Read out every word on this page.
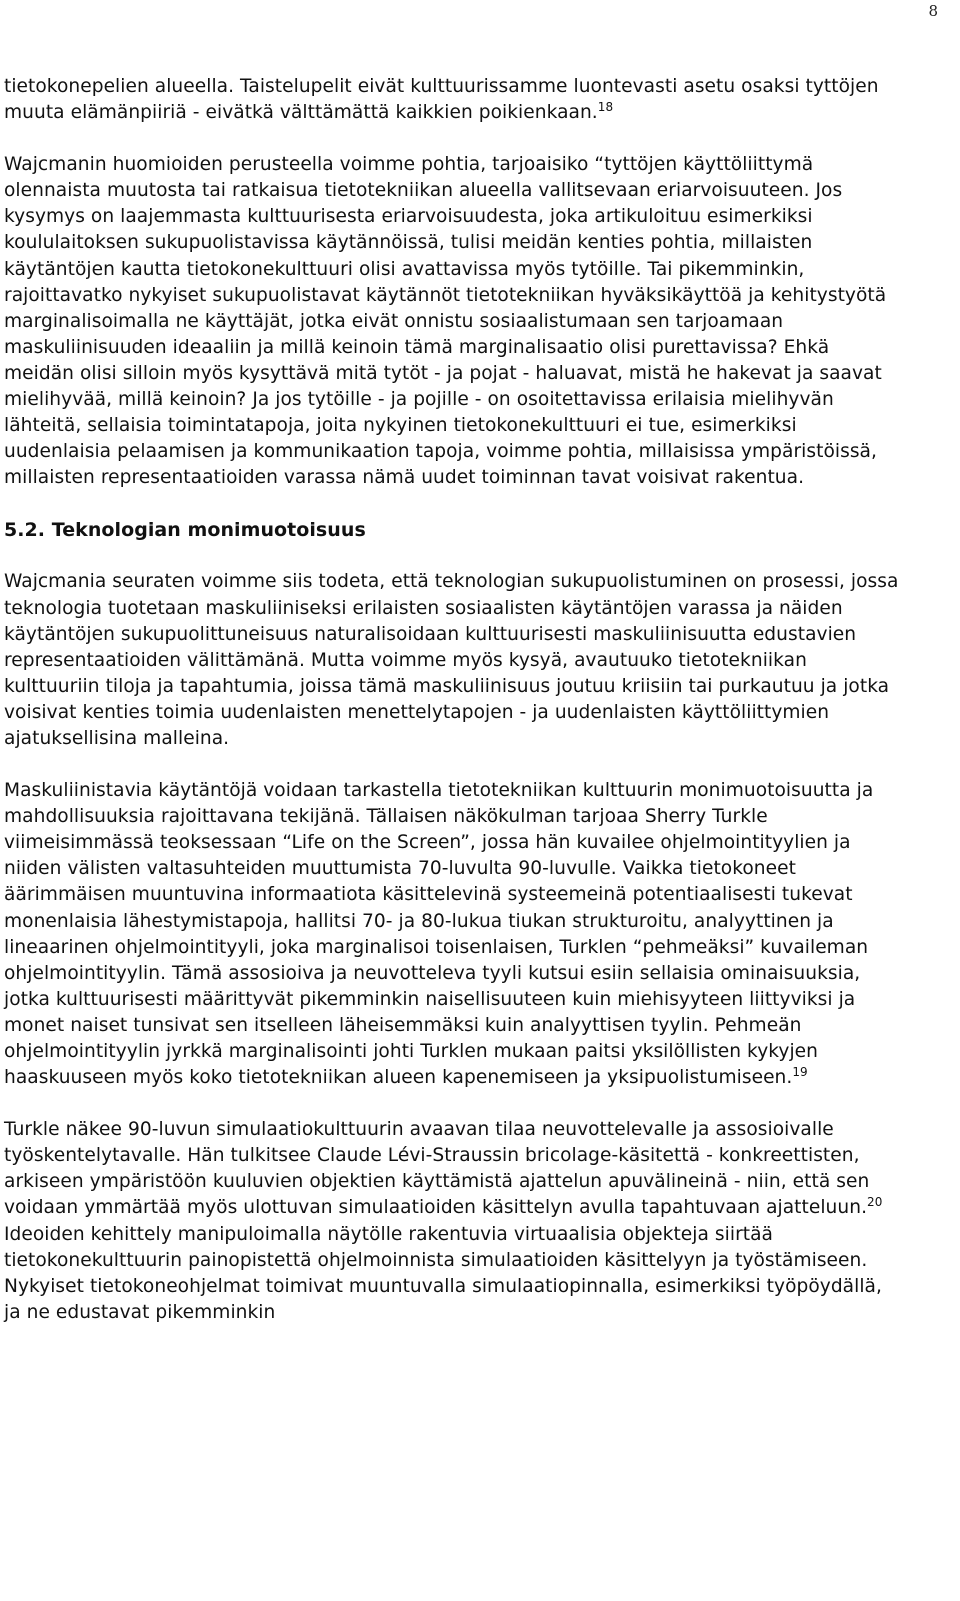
8

tietokonepelien alueella. Taistelupelit eivät kulttuurissamme luontevasti asetu osaksi tyttöjen muuta elämänpiiriä - eivätkä välttämättä kaikkien poikienkaan.$^{18}$

Wajcmanin huomioiden perusteella voimme pohtia, tarjoaisiko “tyttöjen käyttöliittymä olennaista muutosta tai ratkaisua tietotekniikan alueella vallitsevaan eriarvoisuuteen. Jos kysymys on laajemmasta kulttuurisesta eriarvoisuudesta, joka artikuloituu esimerkiksi koululaitoksen sukupuolistavissa käytännöissä, tulisi meidän kenties pohtia, millaisten käytäntöjen kautta tietokonekulttuuri olisi avattavissa myös tytöille. Tai pikemminkin, rajoittavatko nykyiset sukupuolistavat käytännöt tietotekniikan hyväksikäyttöä ja kehitystyötä marginalisoimalla ne käyttäjät, jotka eivät onnistu sosiaalistumaan sen tarjoamaan maskuliinisuuden ideaaliin ja millä keinoin tämä marginalisaatio olisi purettavissa? Ehkä meidän olisi silloin myös kysyttävä mitä tytöt - ja pojat - haluavat, mistä he hakevat ja saavat mielihyvää, millä keinoin? Ja jos tytöille - ja pojille - on osoitettavissa erilaisia mielihyvän lähteitä, sellaisia toimintatapoja, joita nykyinen tietokonekulttuuri ei tue, esimerkiksi uudenlaisia pelaamisen ja kommunikaation tapoja, voimme pohtia, millaisissa ympäristöissä, millaisten representaatioiden varassa nämä uudet toiminnan tavat voisivat rakentua.

5.2. Teknologian monimuotoisuus

Wajcmania seuraten voimme siis todeta, että teknologian sukupuolistuminen on prosessi, jossa teknologia tuotetaan maskuliiniseksi erilaisten sosiaalisten käytäntöjen varassa ja näiden käytäntöjen sukupuolittuneisuus naturalisoidaan kulttuurisesti maskuliinisuutta edustavien representaatioiden välittämänä. Mutta voimme myös kysyä, avautuuko tietotekniikan kulttuuriin tiloja ja tapahtumia, joissa tämä maskuliinisuus joutuu kriisiin tai purkautuu ja jotka voisivat kenties toimia uudenlaisten menettelytapojen - ja uudenlaisten käyttöliittymien ajatuksellisina malleina.

Maskuliinistavia käytäntöjä voidaan tarkastella tietotekniikan kulttuurin monimuotoisuutta ja mahdollisuuksia rajoittavana tekijänä. Tällaisen näkökulman tarjoaa Sherry Turkle viimeisimmässä teoksessaan “Life on the Screen”, jossa hän kuvailee ohjelmointityylien ja niiden välisten valtasuhteiden muuttumista 70-luvulta 90-luvulle. Vaikka tietokoneet äärimmäisen muuntuvina informaatiota käsittelevinä systeemeinä potentiaalisesti tukevat monenlaisia lähestymistapoja, hallitsi 70- ja 80-lukua tiukan strukturoitu, analyyttinen ja lineaarinen ohjelmointityyli, joka marginalisoi toisenlaisen, Turklen “pehmeäksi” kuvaileman ohjelmointityylin. Tämä assosioiva ja neuvotteleva tyyli kutsui esiin sellaisia ominaisuuksia, jotka kulttuurisesti määrittyvät pikemminkin naisellisuuteen kuin miehisyyteen liittyviksi ja monet naiset tunsivat sen itselleen läheisemmäksi kuin analyyttisen tyylin. Pehmeän ohjelmointityylin jyrkkä marginalisointi johti Turklen mukaan paitsi yksilöllisten kykyjen haaskuuseen myös koko tietotekniikan alueen kapenemiseen ja yksipuolistumiseen.$^{19}$

Turkle näkee 90-luvun simulaatiokulttuurin avaavan tilaa neuvottelevalle ja assosioivalle työskentelytavalle. Hän tulkitsee Claude Lévi-Straussin bricolage-käsitettä - konkreettisten, arkiseen ympäristöön kuuluvien objektien käyttämistä ajattelun apuvälineinä - niin, että sen voidaan ymmärtää myös ulottuvan simulaatioiden käsittelyn avulla tapahtuvaan ajatteluun.$^{20}$ Ideoiden kehittely manipuloimalla näytölle rakentuvia virtuaalisia objekteja siirtää tietokonekulttuurin painopistettä ohjelmoinnista simulaatioiden käsittelyyn ja työstämiseen. Nykyiset tietokoneohjelmat toimivat muuntuvalla simulaatiopinnalla, esimerkiksi työpöydällä, ja ne edustavat pikemminkin
